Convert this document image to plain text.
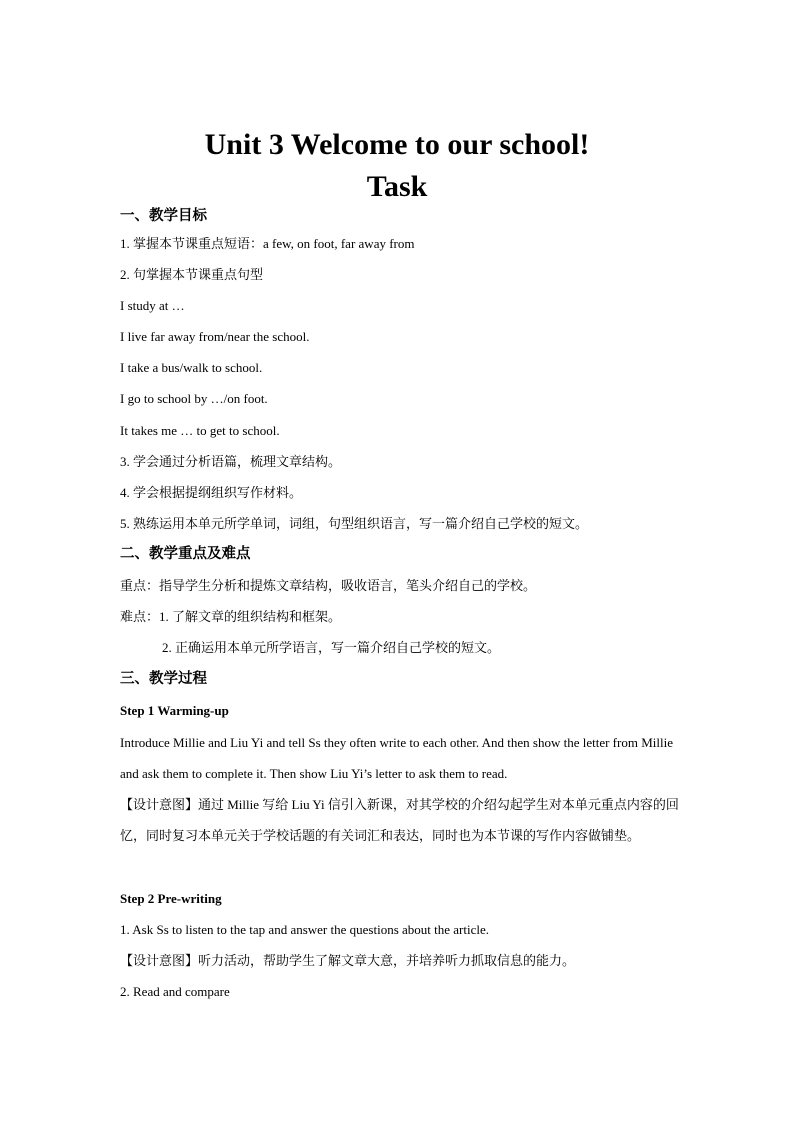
Unit 3 Welcome to our school!
Task
一、教学目标
1. 掌握本节课重点短语：a few, on foot, far away from
2. 句掌握本节课重点句型
I study at …
I live far away from/near the school.
I take a bus/walk to school.
I go to school by …/on foot.
It takes me … to get to school.
3. 学会通过分析语篇，梳理文章结构。
4. 学会根据提纲组织写作材料。
5. 熟练运用本单元所学单词，词组，句型组织语言，写一篇介绍自己学校的短文。
二、教学重点及难点
重点：指导学生分析和提炼文章结构，吸收语言，笔头介绍自己的学校。
难点：1. 了解文章的组织结构和框架。
2. 正确运用本单元所学语言，写一篇介绍自己学校的短文。
三、教学过程
Step 1 Warming-up
Introduce Millie and Liu Yi and tell Ss they often write to each other. And then show the letter from Millie and ask them to complete it. Then show Liu Yi’s letter to ask them to read.
【设计意图】通过 Millie 写给 Liu Yi 信引入新课，对其学校的介绍勾起学生对本单元重点内容的回忆，同时复习本单元关于学校话题的有关词汇和表达，同时也为本节课的写作内容做铺垫。
Step 2 Pre-writing
1. Ask Ss to listen to the tap and answer the questions about the article.
【设计意图】听力活动，帮助学生了解文章大意，并培养听力抓取信息的能力。
2. Read and compare
